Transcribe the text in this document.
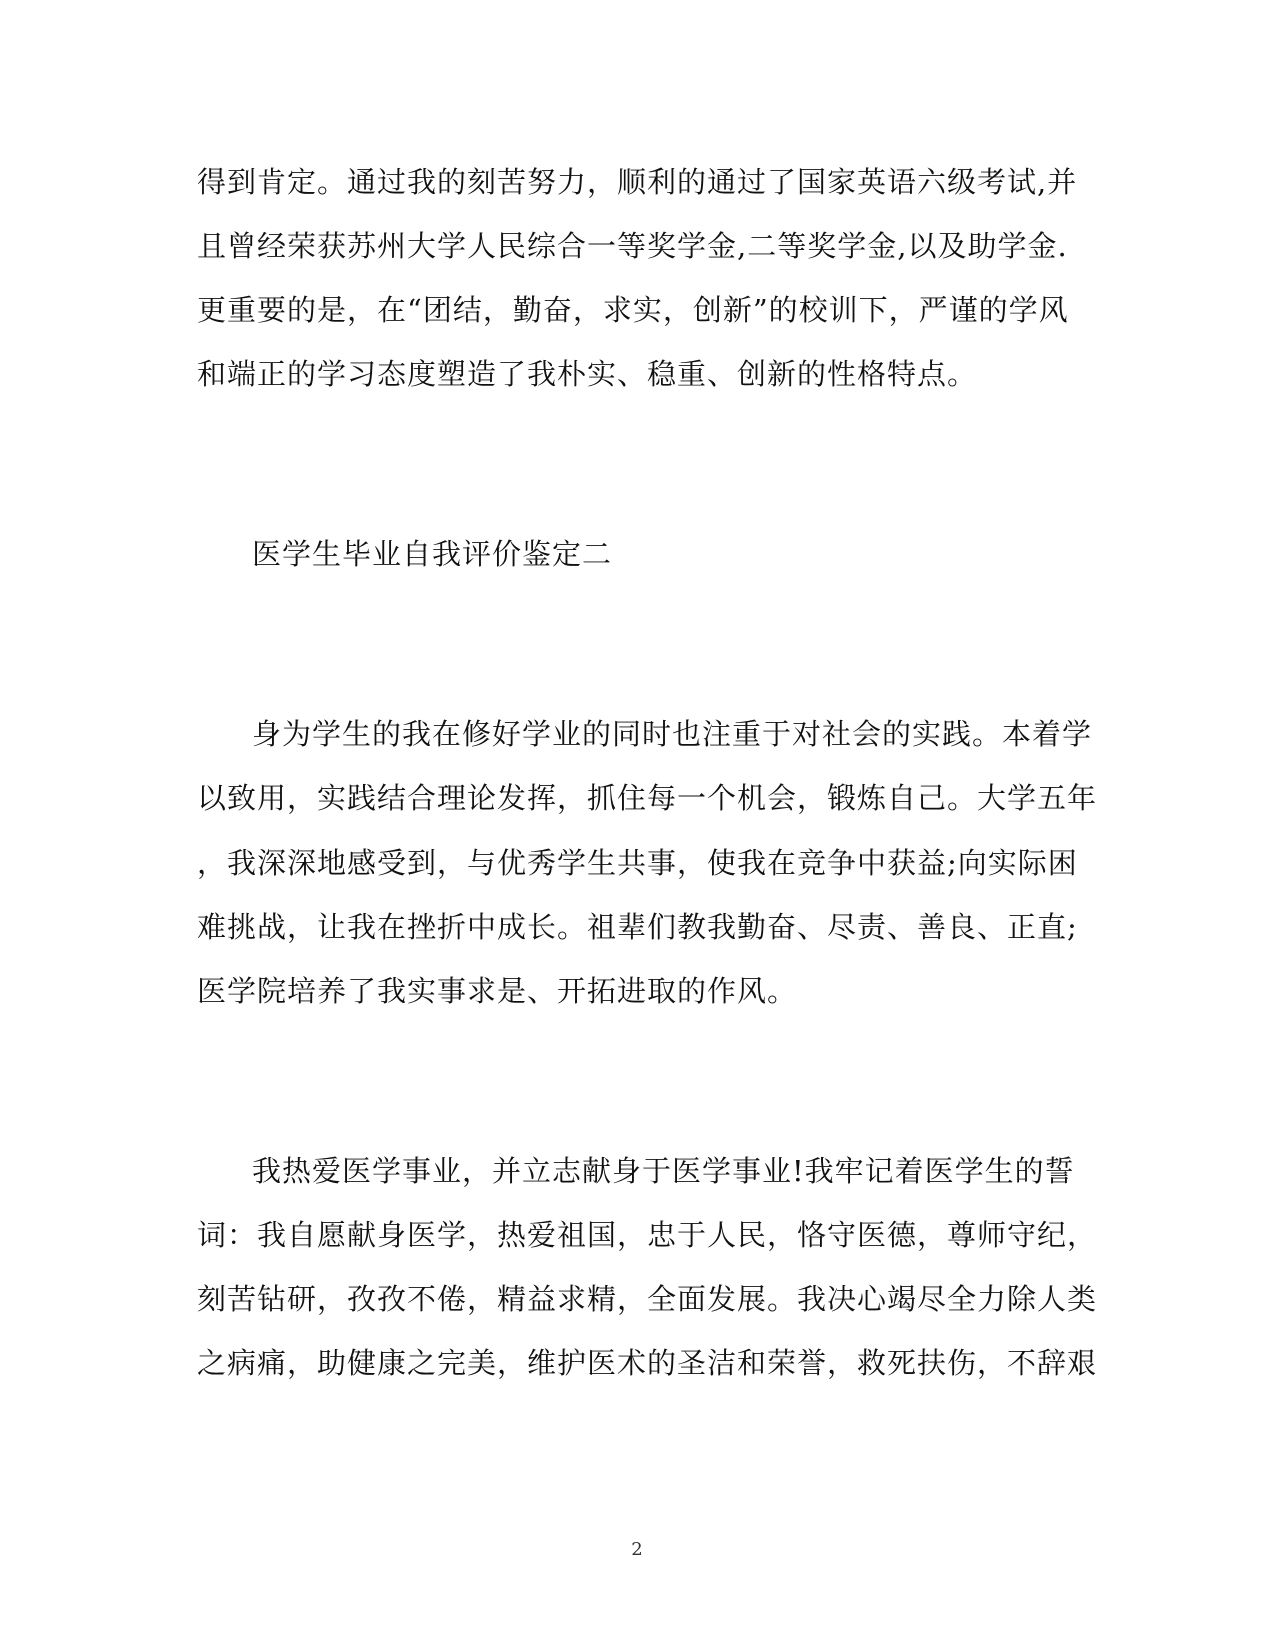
得到肯定。通过我的刻苦努力，顺利的通过了国家英语六级考试,并
且曾经荣获苏州大学人民综合一等奖学金,二等奖学金,以及助学金.
更重要的是，在“团结，勤奋，求实，创新”的校训下，严谨的学风
和端正的学习态度塑造了我朴实、稳重、创新的性格特点。
医学生毕业自我评价鉴定二
身为学生的我在修好学业的同时也注重于对社会的实践。本着学
以致用，实践结合理论发挥，抓住每一个机会，锻炼自己。大学五年
，我深深地感受到，与优秀学生共事，使我在竞争中获益;向实际困
难挑战，让我在挫折中成长。祖辈们教我勤奋、尽责、善良、正直;
医学院培养了我实事求是、开拓进取的作风。
我热爱医学事业，并立志献身于医学事业!我牢记着医学生的誓
词：我自愿献身医学，热爱祖国，忠于人民，恪守医德，尊师守纪，
刻苦钻研，孜孜不倦，精益求精，全面发展。我决心竭尽全力除人类
之病痛，助健康之完美，维护医术的圣洁和荣誉，救死扶伤，不辞艰
2
